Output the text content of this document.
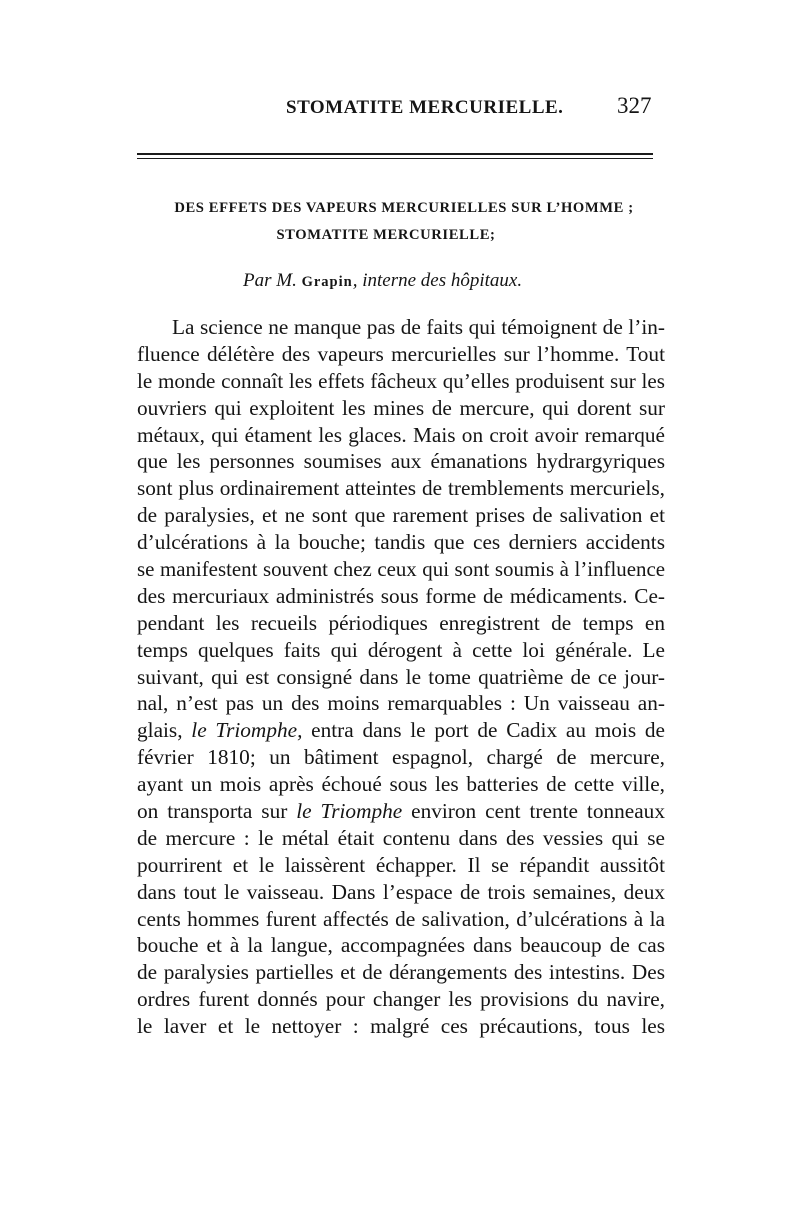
STOMATITE MERCURIELLE. 327
DES EFFETS DES VAPEURS MERCURIELLES SUR L’HOMME ;
STOMATITE MERCURIELLE;
Par M. Grapin, interne des hôpitaux.
La science ne manque pas de faits qui témoignent de l’in-
fluence délétère des vapeurs mercurielles sur l’homme. Tout
le monde connaît les effets fâcheux qu’elles produisent sur les
ouvriers qui exploitent les mines de mercure, qui dorent sur
métaux, qui étament les glaces. Mais on croit avoir remarqué
que les personnes soumises aux émanations hydrargyriques
sont plus ordinairement atteintes de tremblements mercuriels,
de paralysies, et ne sont que rarement prises de salivation et
d’ulcérations à la bouche; tandis que ces derniers accidents
se manifestent souvent chez ceux qui sont soumis à l’influence
des mercuriaux administrés sous forme de médicaments. Ce-
pendant les recueils périodiques enregistrent de temps en
temps quelques faits qui dérogent à cette loi générale. Le
suivant, qui est consigné dans le tome quatrième de ce jour-
nal, n’est pas un des moins remarquables : Un vaisseau an-
glais, le Triomphe, entra dans le port de Cadix au mois de
février 1810; un bâtiment espagnol, chargé de mercure,
ayant un mois après échoué sous les batteries de cette ville,
on transporta sur le Triomphe environ cent trente tonneaux
de mercure : le métal était contenu dans des vessies qui se
pourrirent et le laissèrent échapper. Il se répandit aussitôt
dans tout le vaisseau. Dans l’espace de trois semaines, deux
cents hommes furent affectés de salivation, d’ulcérations à la
bouche et à la langue, accompagnées dans beaucoup de cas
de paralysies partielles et de dérangements des intestins. Des
ordres furent donnés pour changer les provisions du navire,
le laver et le nettoyer : malgré ces précautions, tous les
